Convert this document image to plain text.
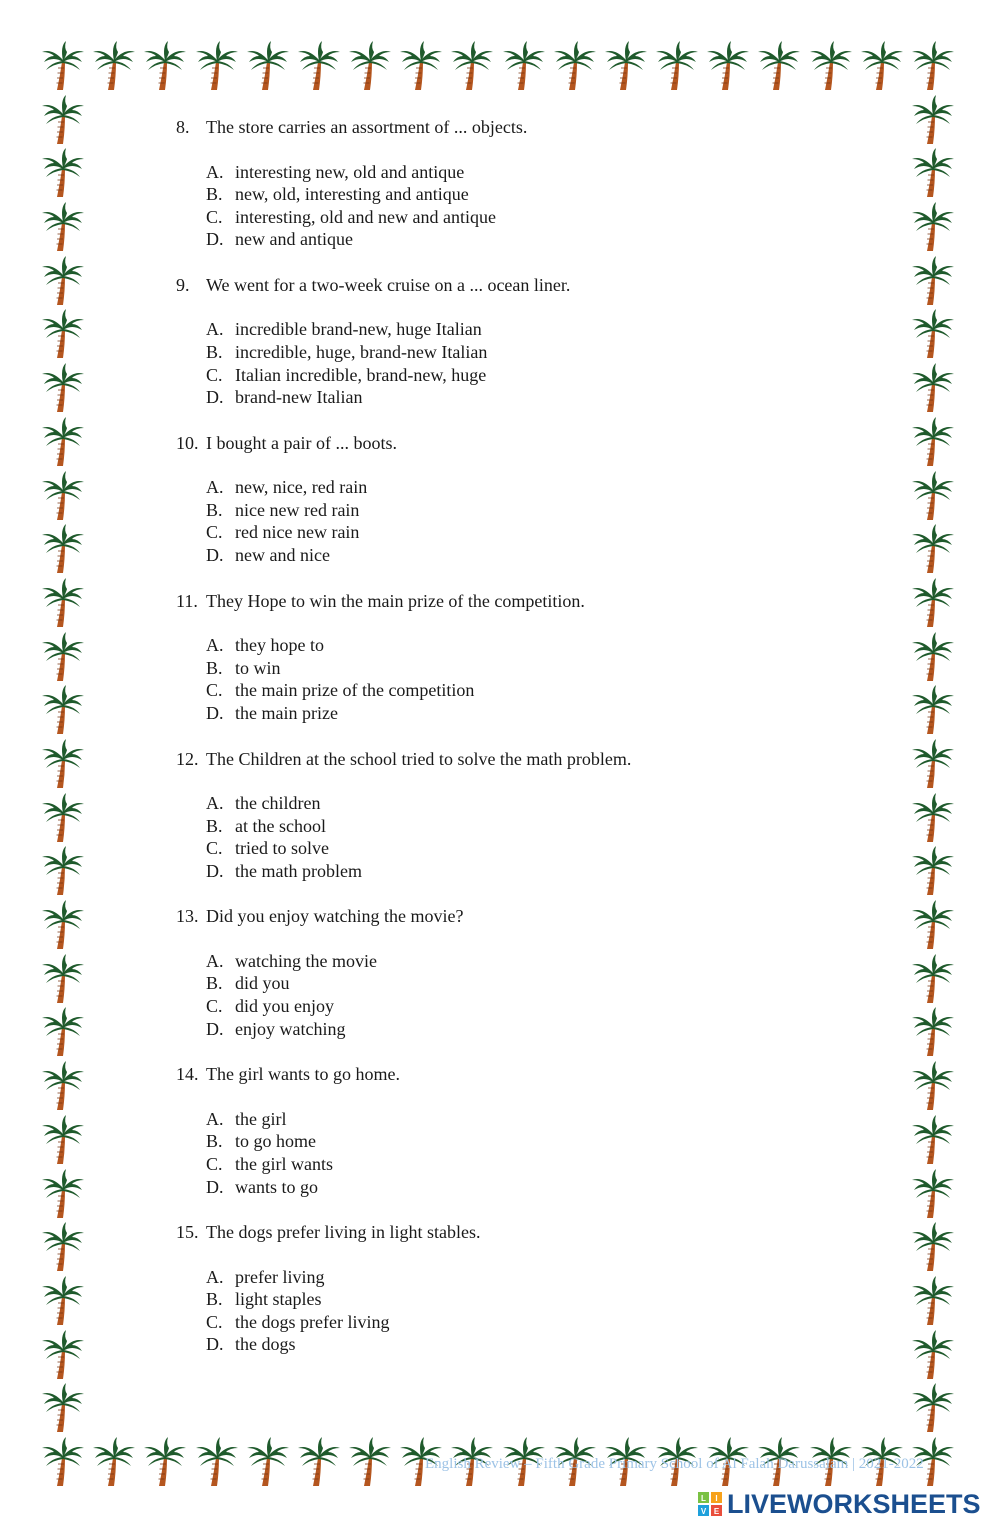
8. The store carries an assortment of ... objects.
A. interesting new, old and antique
B. new, old, interesting and antique
C. interesting, old and new and antique
D. new and antique
9. We went for a two-week cruise on a ... ocean liner.
A. incredible brand-new, huge Italian
B. incredible, huge, brand-new Italian
C. Italian incredible, brand-new, huge
D. brand-new Italian
10. I bought a pair of ... boots.
A. new, nice, red rain
B. nice new red rain
C. red nice new rain
D. new and nice
11. They Hope to win the main prize of the competition.
A. they hope to
B. to win
C. the main prize of the competition
D. the main prize
12. The Children at the school tried to solve the math problem.
A. the children
B. at the school
C. tried to solve
D. the math problem
13. Did you enjoy watching the movie?
A. watching the movie
B. did you
C. did you enjoy
D. enjoy watching
14. The girl wants to go home.
A. the girl
B. to go home
C. the girl wants
D. wants to go
15. The dogs prefer living in light stables.
A. prefer living
B. light staples
C. the dogs prefer living
D. the dogs
English Review – Fifth Grade Primary School of Al Falah Darussalam | 2021-2022
L I
V E LIVEWORKSHEETS
